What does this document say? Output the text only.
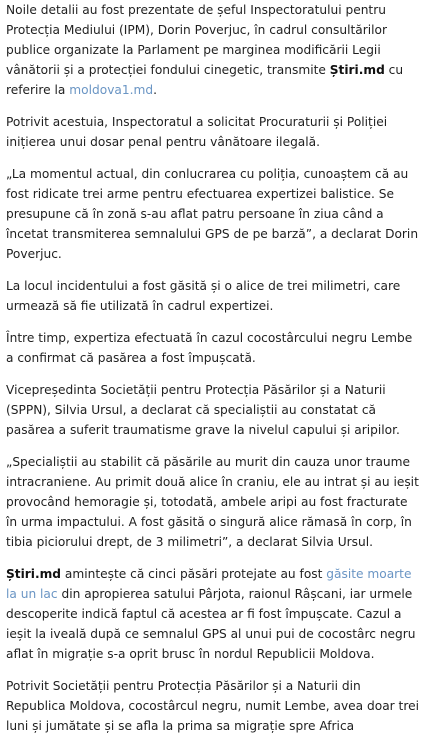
Noile detalii au fost prezentate de șeful Inspectoratului pentru Protecția Mediului (IPM), Dorin Poverjuc, în cadrul consultărilor publice organizate la Parlament pe marginea modificării Legii vânătorii și a protecției fondului cinegetic, transmite Știri.md cu referire la moldova1.md.

Potrivit acestuia, Inspectoratul a solicitat Procuraturii și Poliției inițierea unui dosar penal pentru vânătoare ilegală.

„La momentul actual, din conlucrarea cu poliția, cunoaștem că au fost ridicate trei arme pentru efectuarea expertizei balistice. Se presupune că în zonă s-au aflat patru persoane în ziua când a încetat transmiterea semnalului GPS de pe barză”, a declarat Dorin Poverjuc.

La locul incidentului a fost găsită și o alice de trei milimetri, care urmează să fie utilizată în cadrul expertizei.

Între timp, expertiza efectuată în cazul cocostârcului negru Lembe a confirmat că pasărea a fost împușcată.

Vicepreședinta Societății pentru Protecția Păsărilor și a Naturii (SPPN), Silvia Ursul, a declarat că specialiștii au constatat că pasărea a suferit traumatisme grave la nivelul capului și aripilor.

„Specialiștii au stabilit că păsările au murit din cauza unor traume intracraniene. Au primit două alice în craniu, ele au intrat și au ieșit provocând hemoragie și, totodată, ambele aripi au fost fracturate în urma impactului. A fost găsită o singură alice rămasă în corp, în tibia piciorului drept, de 3 milimetri”, a declarat Silvia Ursul.

Știri.md amintește că cinci păsări protejate au fost găsite moarte la un lac din apropierea satului Pârjota, raionul Râșcani, iar urmele descoperite indică faptul că acestea ar fi fost împușcate. Cazul a ieșit la iveală după ce semnalul GPS al unui pui de cocostârc negru aflat în migrație s-a oprit brusc în nordul Republicii Moldova.

Potrivit Societății pentru Protecția Păsărilor și a Naturii din Republica Moldova, cocostârcul negru, numit Lembe, avea doar trei luni și jumătate și se afla la prima sa migrație spre Africa
